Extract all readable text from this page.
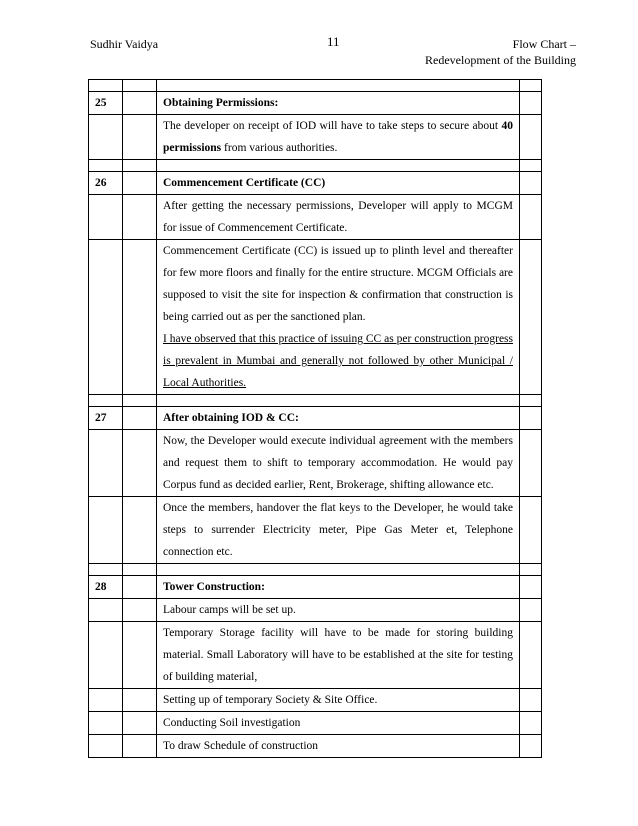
Sudhir Vaidya	11	Flow Chart –
Redevelopment of the Building

25		Obtaining Permissions:	
		The developer on receipt of IOD will have to take steps to secure about 40 permissions from various authorities.	

26		Commencement Certificate (CC)	
		After getting the necessary permissions, Developer will apply to MCGM for issue of Commencement Certificate.	

		Commencement Certificate (CC) is issued up to plinth level and thereafter for few more floors and finally for the entire structure. MCGM Officials are supposed to visit the site for inspection & confirmation that construction is being carried out as per the sanctioned plan.
I have observed that this practice of issuing CC as per construction progress is prevalent in Mumbai and generally not followed by other Municipal / Local Authorities.	

27		After obtaining IOD & CC:	
		Now, the Developer would execute individual agreement with the members and request them to shift to temporary accommodation. He would pay Corpus fund as decided earlier, Rent, Brokerage, shifting allowance etc.	
		Once the members, handover the flat keys to the Developer, he would take steps to surrender Electricity meter, Pipe Gas Meter et, Telephone connection etc.	

28		Tower Construction:	
		Labour camps will be set up.	
		Temporary Storage facility will have to be made for storing building material. Small Laboratory will have to be established at the site for testing of building material,	
		Setting up of temporary Society & Site Office.	
		Conducting Soil investigation	
		To draw Schedule of construction	
